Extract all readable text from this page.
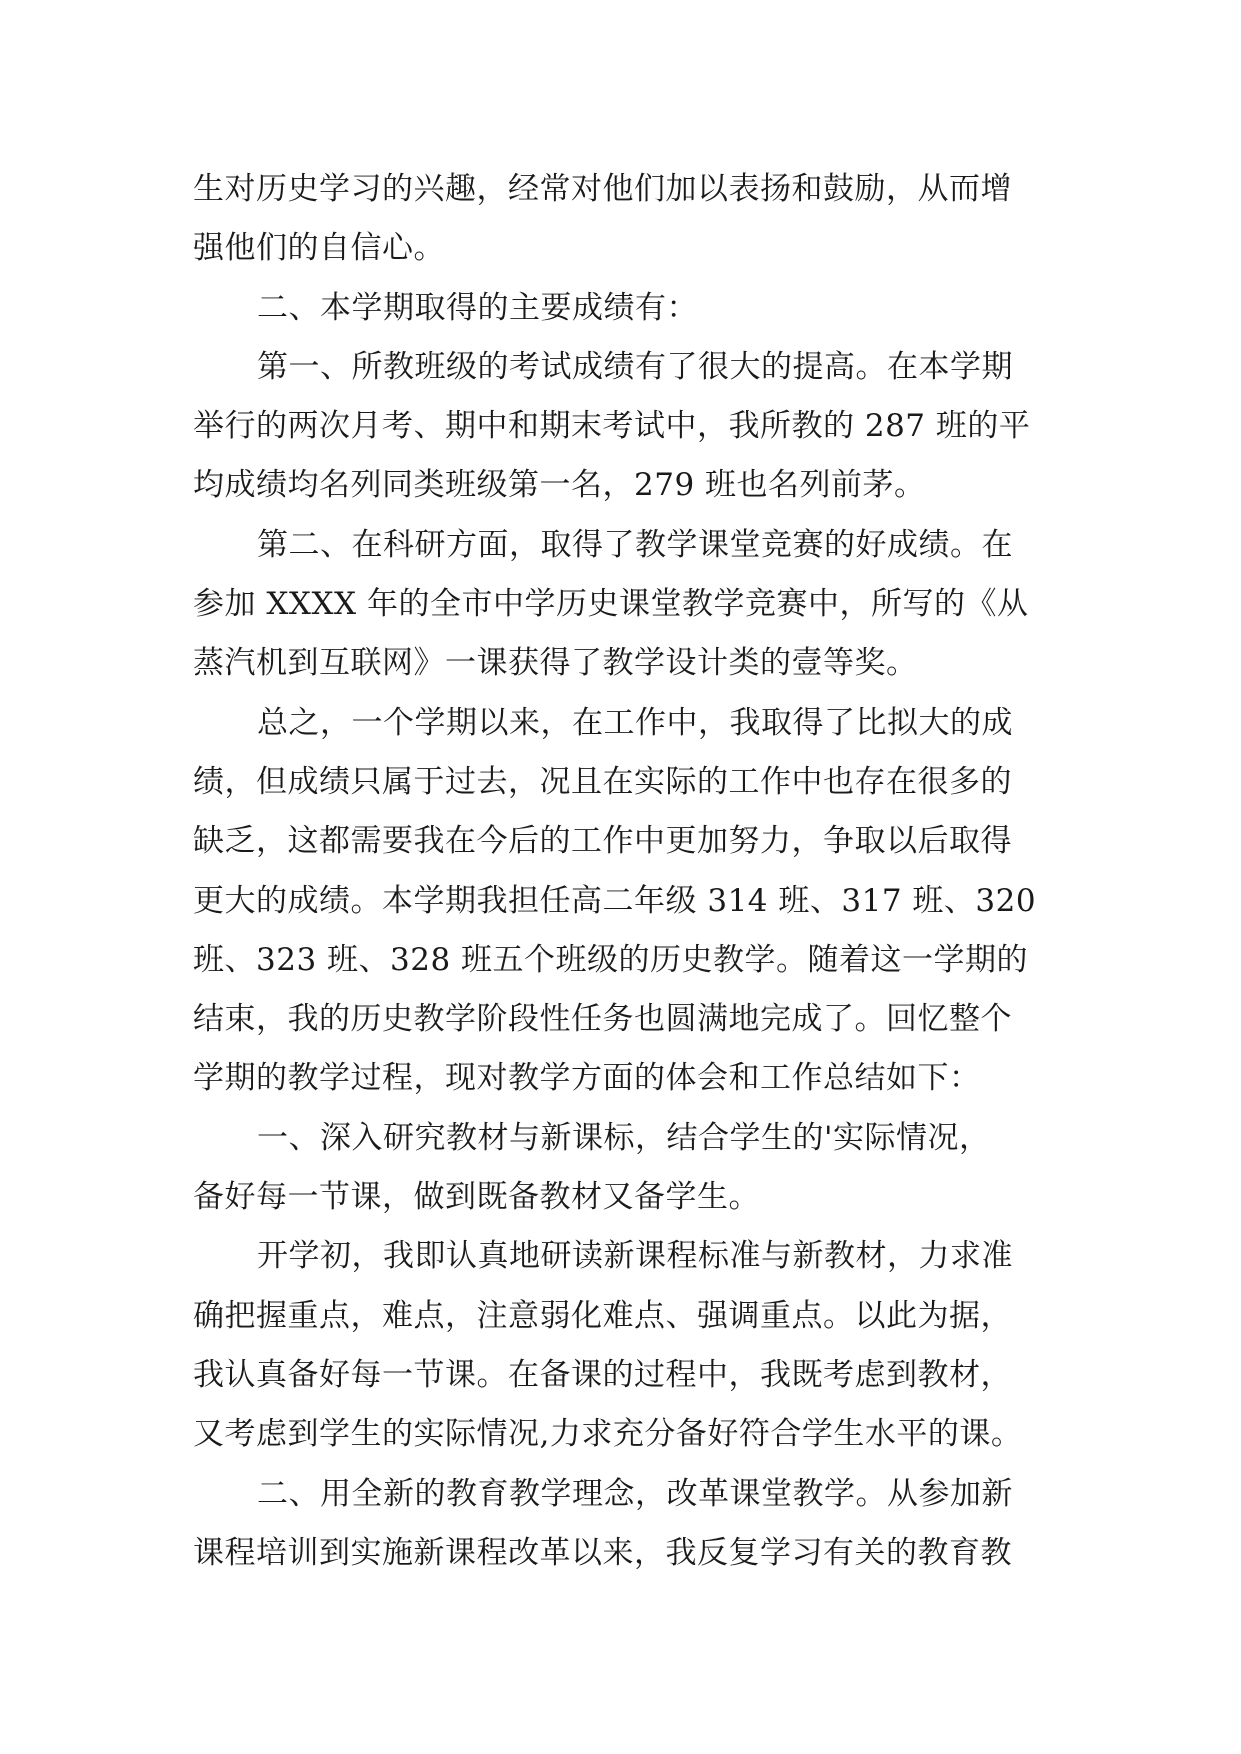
生对历史学习的兴趣，经常对他们加以表扬和鼓励，从而增
强他们的自信心。
二、本学期取得的主要成绩有：
第一、所教班级的考试成绩有了很大的提高。在本学期
举行的两次月考、期中和期末考试中，我所教的 287 班的平
均成绩均名列同类班级第一名，279 班也名列前茅。
第二、在科研方面，取得了教学课堂竞赛的好成绩。在
参加 XXXX 年的全市中学历史课堂教学竞赛中，所写的《从
蒸汽机到互联网》一课获得了教学设计类的壹等奖。
总之，一个学期以来，在工作中，我取得了比拟大的成
绩，但成绩只属于过去，况且在实际的工作中也存在很多的
缺乏，这都需要我在今后的工作中更加努力，争取以后取得
更大的成绩。本学期我担任高二年级 314 班、317 班、320
班、323 班、328 班五个班级的历史教学。随着这一学期的
结束，我的历史教学阶段性任务也圆满地完成了。回忆整个
学期的教学过程，现对教学方面的体会和工作总结如下：
一、深入研究教材与新课标，结合学生的'实际情况，
备好每一节课，做到既备教材又备学生。
开学初，我即认真地研读新课程标准与新教材，力求准
确把握重点，难点，注意弱化难点、强调重点。以此为据，
我认真备好每一节课。在备课的过程中，我既考虑到教材，
又考虑到学生的实际情况,力求充分备好符合学生水平的课。
二、用全新的教育教学理念，改革课堂教学。从参加新
课程培训到实施新课程改革以来，我反复学习有关的教育教
